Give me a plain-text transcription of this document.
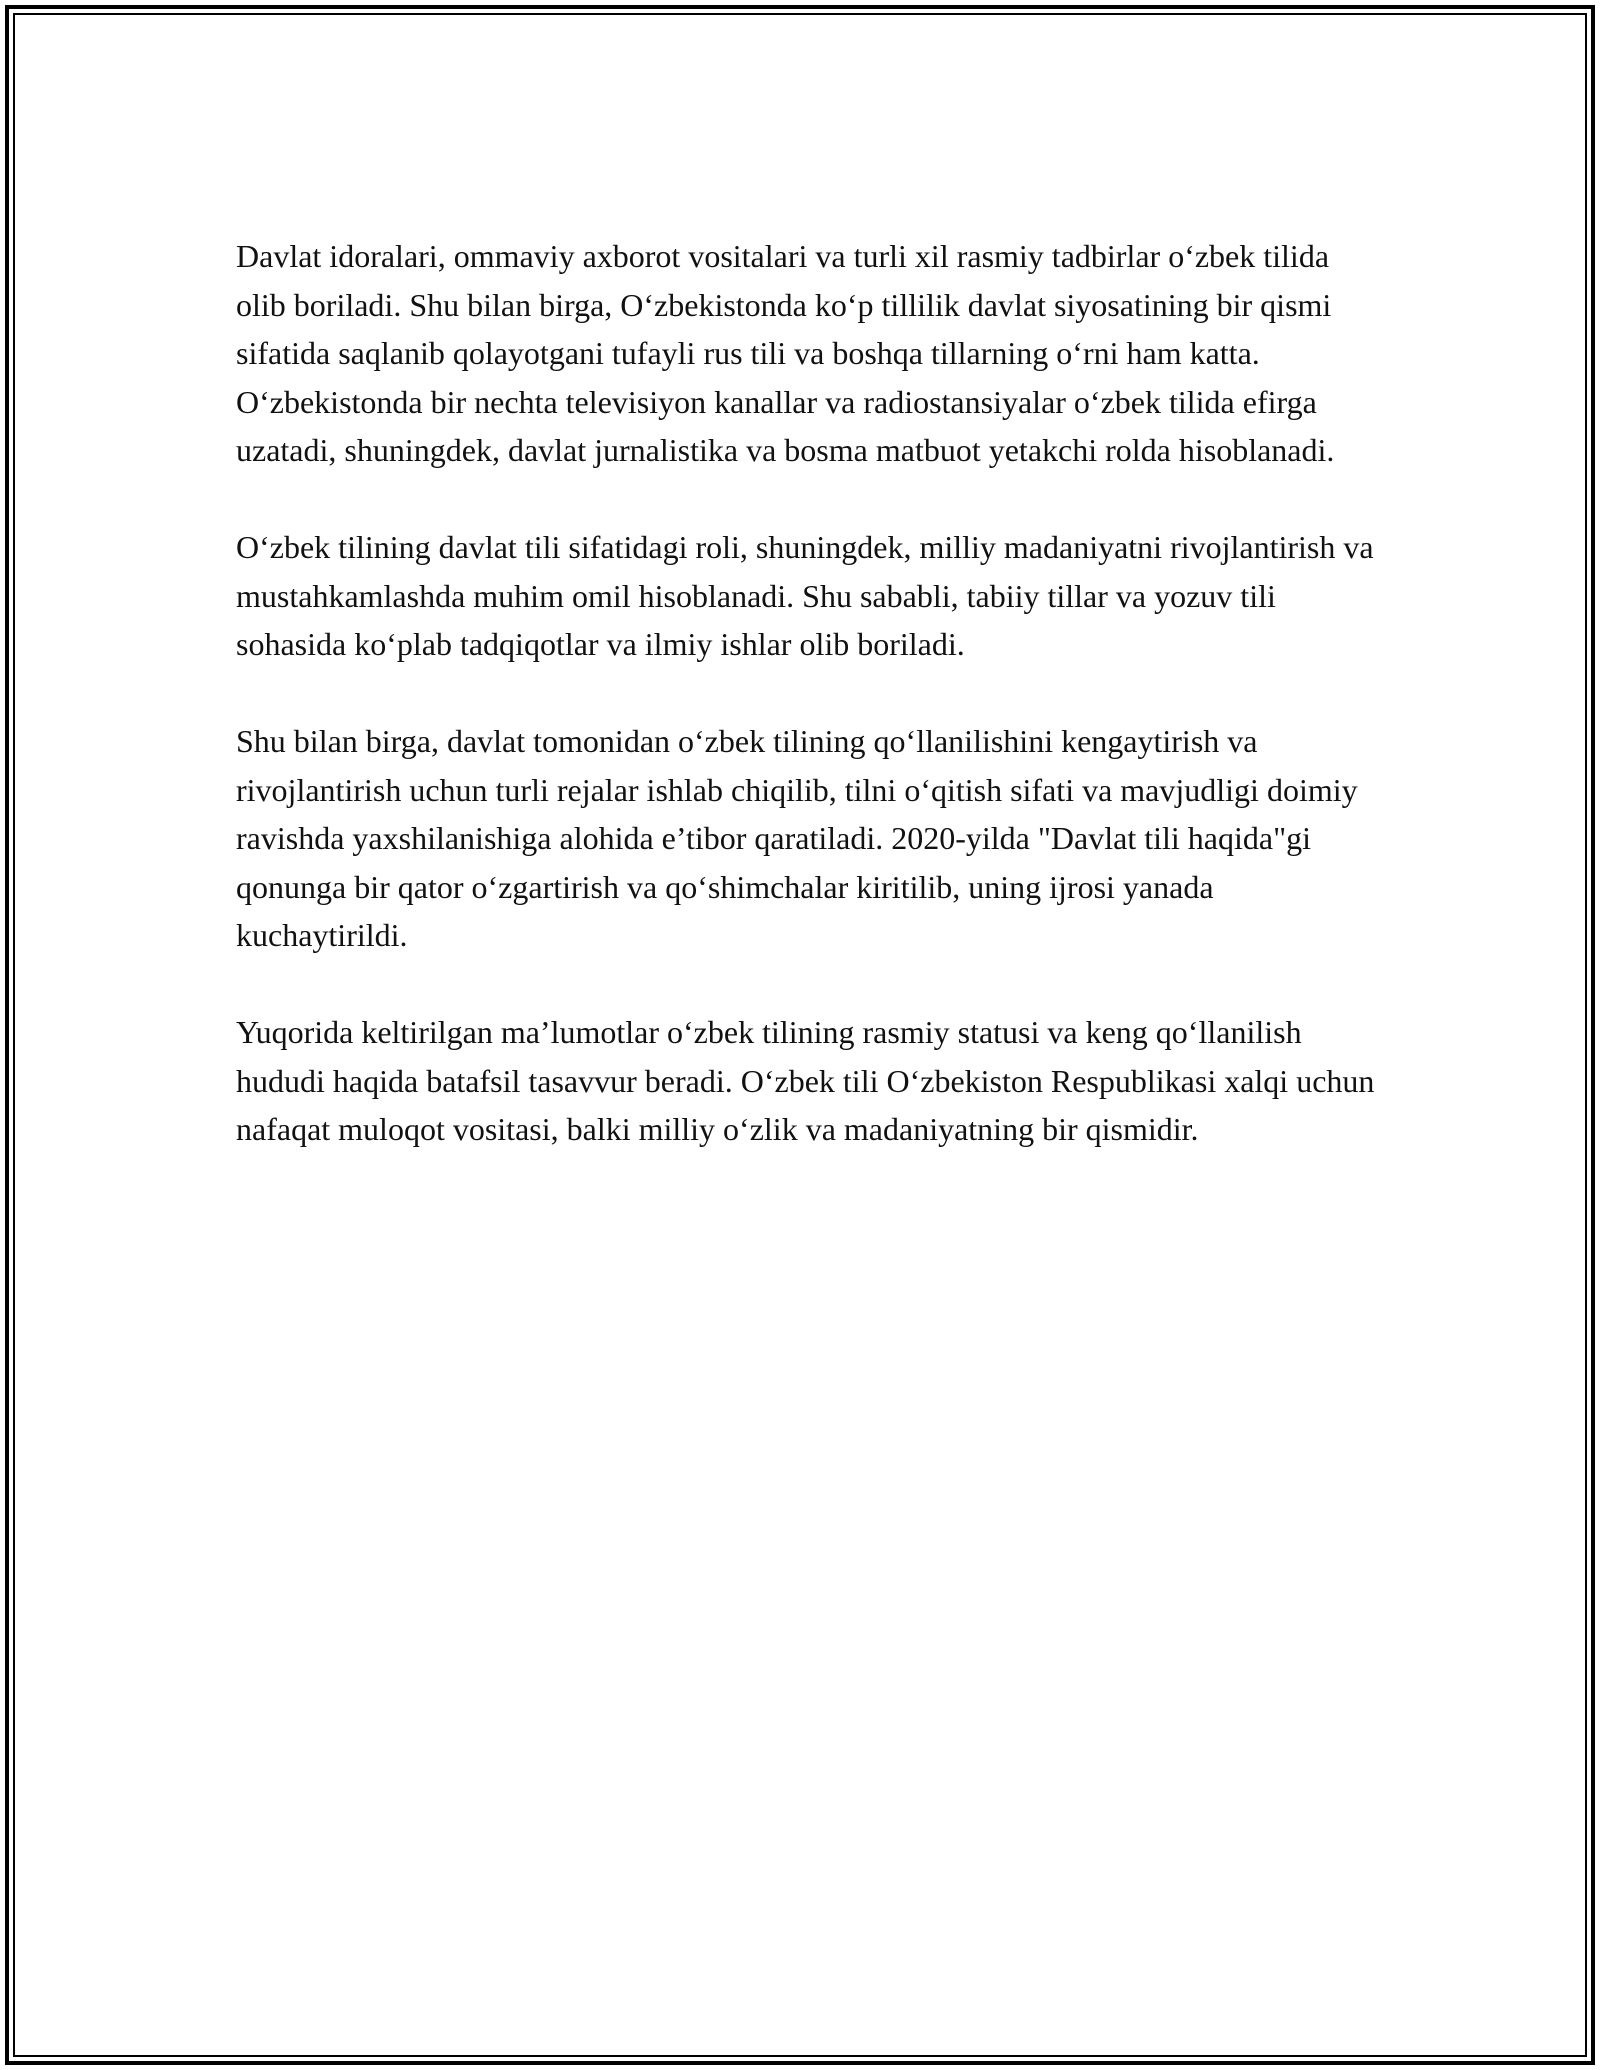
Davlat idoralari, ommaviy axborot vositalari va turli xil rasmiy tadbirlar o‘zbek tilida olib boriladi. Shu bilan birga, O‘zbekistonda ko‘p tillilik davlat siyosatining bir qismi sifatida saqlanib qolayotgani tufayli rus tili va boshqa tillarning o‘rni ham katta. O‘zbekistonda bir nechta televisiyon kanallar va radiostansiyalar o‘zbek tilida efirga uzatadi, shuningdek, davlat jurnalistika va bosma matbuot yetakchi rolda hisoblanadi.

O‘zbek tilining davlat tili sifatidagi roli, shuningdek, milliy madaniyatni rivojlantirish va mustahkamlashda muhim omil hisoblanadi. Shu sababli, tabiiy tillar va yozuv tili sohasida ko‘plab tadqiqotlar va ilmiy ishlar olib boriladi.

Shu bilan birga, davlat tomonidan o‘zbek tilining qo‘llanilishini kengaytirish va rivojlantirish uchun turli rejalar ishlab chiqilib, tilni o‘qitish sifati va mavjudligi doimiy ravishda yaxshilanishiga alohida e’tibor qaratiladi. 2020-yilda "Davlat tili haqida"gi qonunga bir qator o‘zgartirish va qo‘shimchalar kiritilib, uning ijrosi yanada kuchaytirildi.

Yuqorida keltirilgan ma’lumotlar o‘zbek tilining rasmiy statusi va keng qo‘llanilish hududi haqida batafsil tasavvur beradi. O‘zbek tili O‘zbekiston Respublikasi xalqi uchun nafaqat muloqot vositasi, balki milliy o‘zlik va madaniyatning bir qismidir.
